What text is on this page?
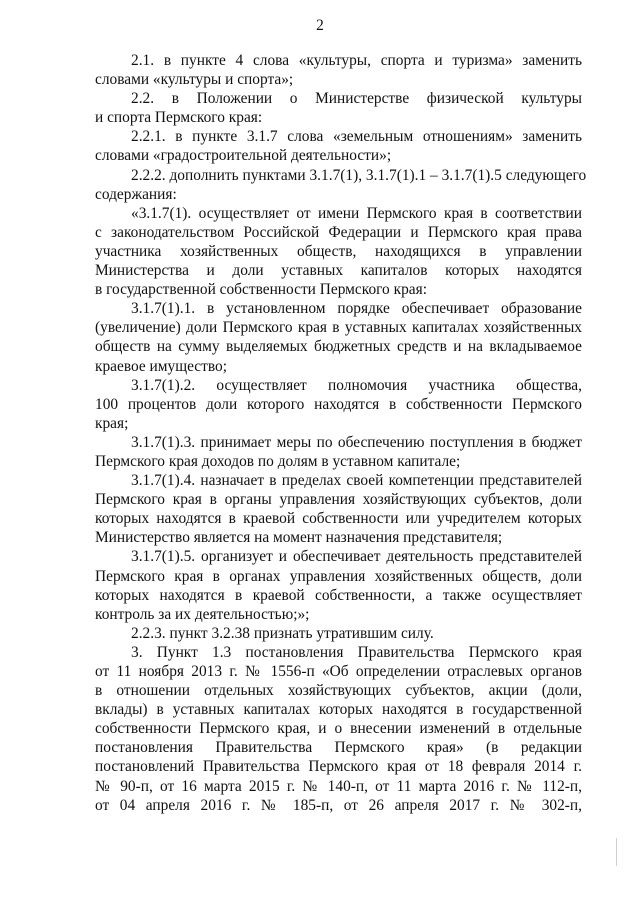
2
2.1. в пункте 4 слова «культуры, спорта и туризма» заменить
словами «культуры и спорта»;
2.2. в Положении о Министерстве физической культуры
и спорта Пермского края:
2.2.1. в пункте 3.1.7 слова «земельным отношениям» заменить
словами «градостроительной деятельности»;
2.2.2. дополнить пунктами 3.1.7(1), 3.1.7(1).1 – 3.1.7(1).5 следующего
содержания:
«3.1.7(1). осуществляет от имени Пермского края в соответствии
с законодательством Российской Федерации и Пермского края права
участника хозяйственных обществ, находящихся в управлении
Министерства и доли уставных капиталов которых находятся
в государственной собственности Пермского края:
3.1.7(1).1. в установленном порядке обеспечивает образование
(увеличение) доли Пермского края в уставных капиталах хозяйственных
обществ на сумму выделяемых бюджетных средств и на вкладываемое
краевое имущество;
3.1.7(1).2. осуществляет полномочия участника общества,
100 процентов доли которого находятся в собственности Пермского
края;
3.1.7(1).3. принимает меры по обеспечению поступления в бюджет
Пермского края доходов по долям в уставном капитале;
3.1.7(1).4. назначает в пределах своей компетенции представителей
Пермского края в органы управления хозяйствующих субъектов, доли
которых находятся в краевой собственности или учредителем которых
Министерство является на момент назначения представителя;
3.1.7(1).5. организует и обеспечивает деятельность представителей
Пермского края в органах управления хозяйственных обществ, доли
которых находятся в краевой собственности, а также осуществляет
контроль за их деятельностью;»;
2.2.3. пункт 3.2.38 признать утратившим силу.
3. Пункт 1.3 постановления Правительства Пермского края
от 11 ноября 2013 г. № 1556-п «Об определении отраслевых органов
в отношении отдельных хозяйствующих субъектов, акции (доли,
вклады) в уставных капиталах которых находятся в государственной
собственности Пермского края, и о внесении изменений в отдельные
постановления Правительства Пермского края» (в редакции
постановлений Правительства Пермского края от 18 февраля 2014 г.
№ 90-п, от 16 марта 2015 г. № 140-п, от 11 марта 2016 г. № 112-п,
от 04 апреля 2016 г. № 185-п, от 26 апреля 2017 г. № 302-п,
